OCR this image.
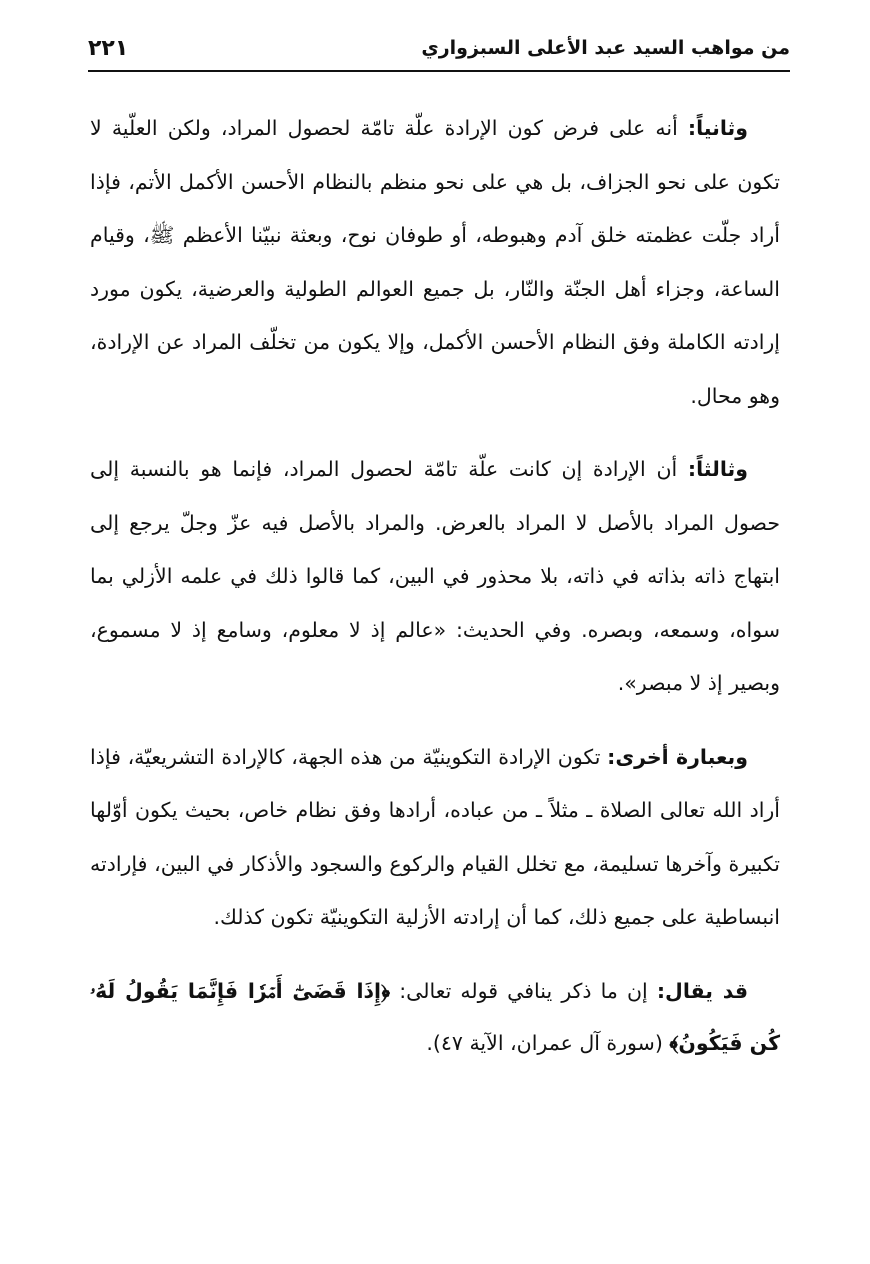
٢٢١	من مواهب السيد عبد الأعلى السبزواري

وثانياً: أنه على فرض كون الإرادة علّة تامّة لحصول المراد، ولكن العلّية لا تكون على نحو الجزاف، بل هي على نحو منظم بالنظام الأحسن الأكمل الأتم، فإذا أراد جلّت عظمته خلق آدم وهبوطه، أو طوفان نوح، وبعثة نبيّنا الأعظم ﷺ، وقيام الساعة، وجزاء أهل الجنّة والنّار، بل جميع العوالم الطولية والعرضية، يكون مورد إرادته الكاملة وفق النظام الأحسن الأكمل، وإلا يكون من تخلّف المراد عن الإرادة، وهو محال.

وثالثاً: أن الإرادة إن كانت علّة تامّة لحصول المراد، فإنما هو بالنسبة إلى حصول المراد بالأصل لا المراد بالعرض. والمراد بالأصل فيه عزّ وجلّ يرجع إلى ابتهاج ذاته بذاته في ذاته، بلا محذور في البين، كما قالوا ذلك في علمه الأزلي بما سواه، وسمعه، وبصره. وفي الحديث: «عالم إذ لا معلوم، وسامع إذ لا مسموع، وبصير إذ لا مبصر».

وبعبارة أخرى: تكون الإرادة التكوينيّة من هذه الجهة، كالإرادة التشريعيّة، فإذا أراد الله تعالى الصلاة ـ مثلاً ـ من عباده، أرادها وفق نظام خاص، بحيث يكون أوّلها تكبيرة وآخرها تسليمة، مع تخلل القيام والركوع والسجود والأذكار في البين، فإرادته انبساطية على جميع ذلك، كما أن إرادته الأزلية التكوينيّة تكون كذلك.

قد يقال: إن ما ذكر ينافي قوله تعالى: ﴿إِذَا قَضَىٰٓ أَمۡرٗا فَإِنَّمَا يَقُولُ لَهُۥ كُن فَيَكُونُ﴾ (سورة آل عمران، الآية ٤٧).
